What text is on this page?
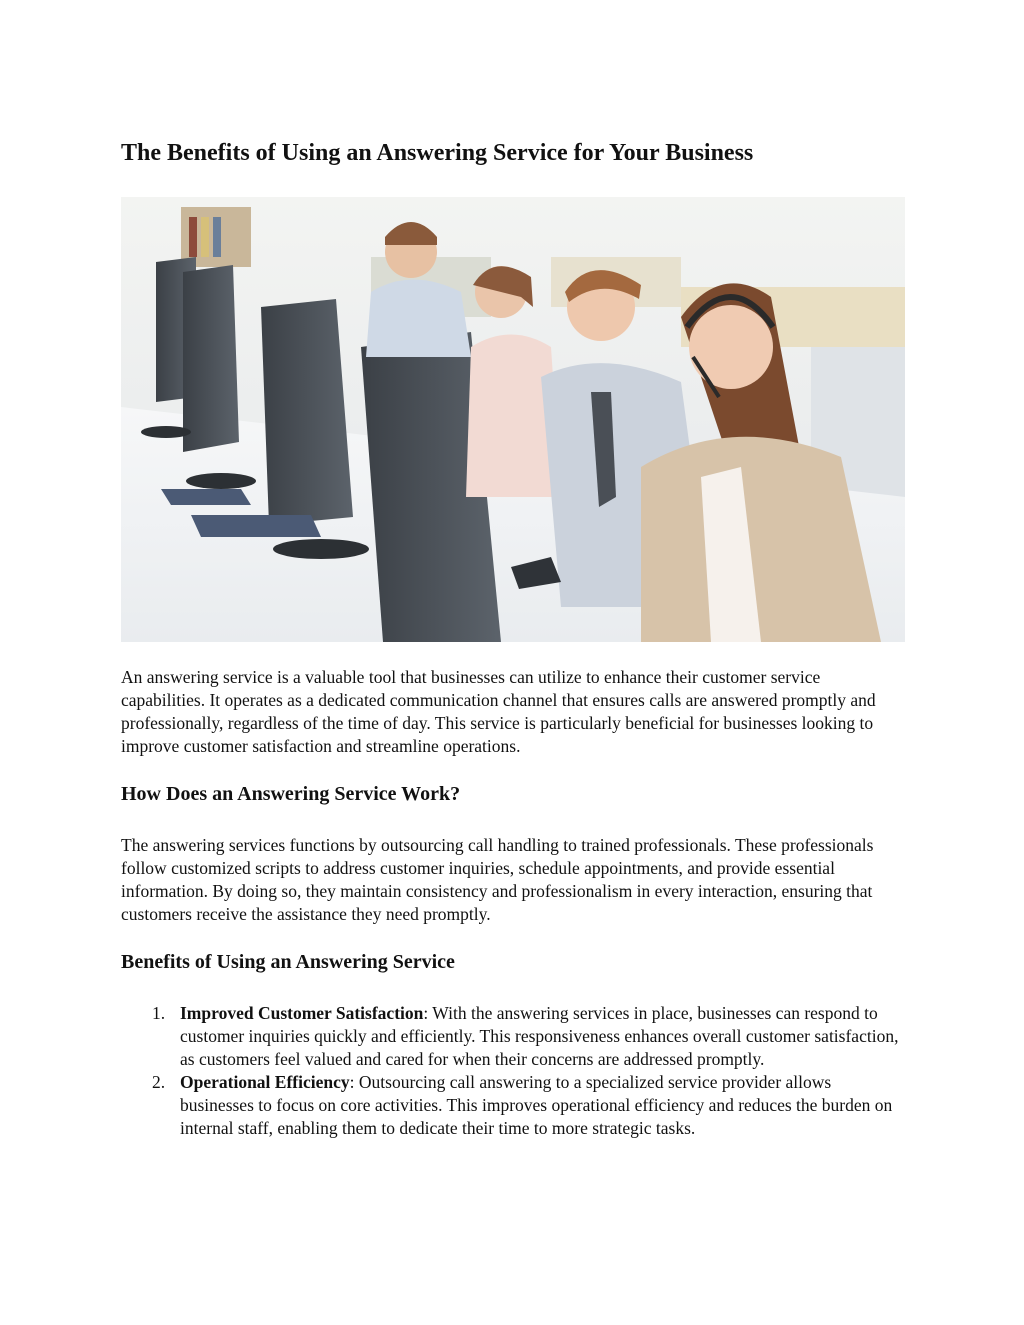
The Benefits of Using an Answering Service for Your Business

An answering service is a valuable tool that businesses can utilize to enhance their customer service capabilities. It operates as a dedicated communication channel that ensures calls are answered promptly and professionally, regardless of the time of day. This service is particularly beneficial for businesses looking to improve customer satisfaction and streamline operations.

How Does an Answering Service Work?

The answering services functions by outsourcing call handling to trained professionals. These professionals follow customized scripts to address customer inquiries, schedule appointments, and provide essential information. By doing so, they maintain consistency and professionalism in every interaction, ensuring that customers receive the assistance they need promptly.

Benefits of Using an Answering Service
1. Improved Customer Satisfaction: With the answering services in place, businesses can respond to customer inquiries quickly and efficiently. This responsiveness enhances overall customer satisfaction, as customers feel valued and cared for when their concerns are addressed promptly.
2. Operational Efficiency: Outsourcing call answering to a specialized service provider allows businesses to focus on core activities. This improves operational efficiency and reduces the burden on internal staff, enabling them to dedicate their time to more strategic tasks.
